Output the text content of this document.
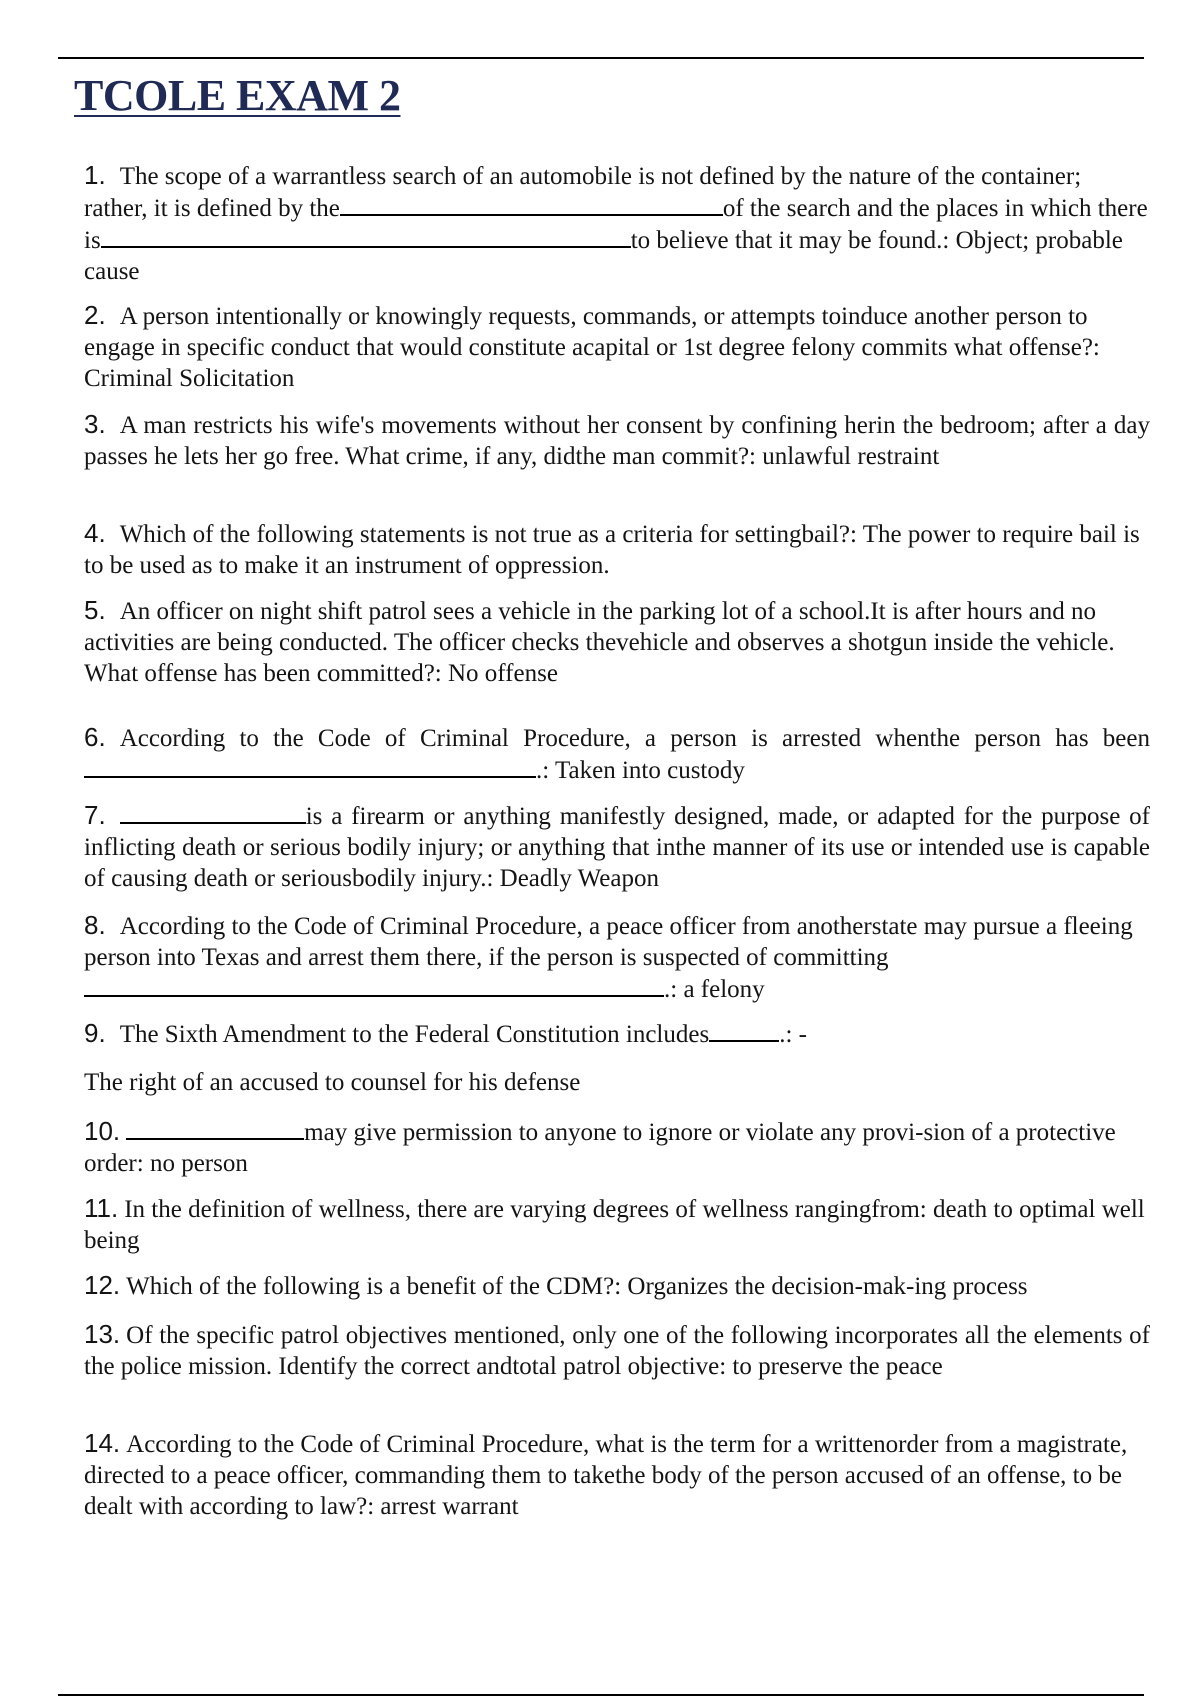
TCOLE EXAM 2

1. The scope of a warrantless search of an automobile is not defined by the nature of the container; rather, it is defined by the	of the search and the places in which there is	to believe that it may be found.: Object; probable cause

2. A person intentionally or knowingly requests, commands, or attempts toinduce another person to engage in specific conduct that would constitute acapital or 1st degree felony commits what offense?: Criminal Solicitation

3. A man restricts his wife's movements without her consent by confining herin the bedroom; after a day passes he lets her go free. What crime, if any, didthe man commit?: unlawful restraint

4. Which of the following statements is not true as a criteria for settingbail?: The power to require bail is to be used as to make it an instrument of oppression.

5. An officer on night shift patrol sees a vehicle in the parking lot of a school.It is after hours and no activities are being conducted. The officer checks thevehicle and observes a shotgun inside the vehicle. What offense has been committed?: No offense

6. According to the Code of Criminal Procedure, a person is arrested whenthe person has been.: Taken into custody

7.	is a firearm or anything manifestly designed, made, or adapted for the purpose of inflicting death or serious bodily injury; or anything that inthe manner of its use or intended use is capable of causing death or seriousbodily injury.: Deadly Weapon

8. According to the Code of Criminal Procedure, a peace officer from anotherstate may pursue a fleeing person into Texas and arrest them there, if the person is suspected of committing.: a felony

9. The Sixth Amendment to the Federal Constitution includes	.: -

The right of an accused to counsel for his defense

10.	may give permission to anyone to ignore or violate any provi-sion of a protective order: no person

11. In the definition of wellness, there are varying degrees of wellness rangingfrom: death to optimal well being

12. Which of the following is a benefit of the CDM?: Organizes the decision-mak-ing process

13. Of the specific patrol objectives mentioned, only one of the following incorporates all the elements of the police mission. Identify the correct andtotal patrol objective: to preserve the peace

14. According to the Code of Criminal Procedure, what is the term for a writtenorder from a magistrate, directed to a peace officer, commanding them to takethe body of the person accused of an offense, to be dealt with according to law?: arrest warrant
